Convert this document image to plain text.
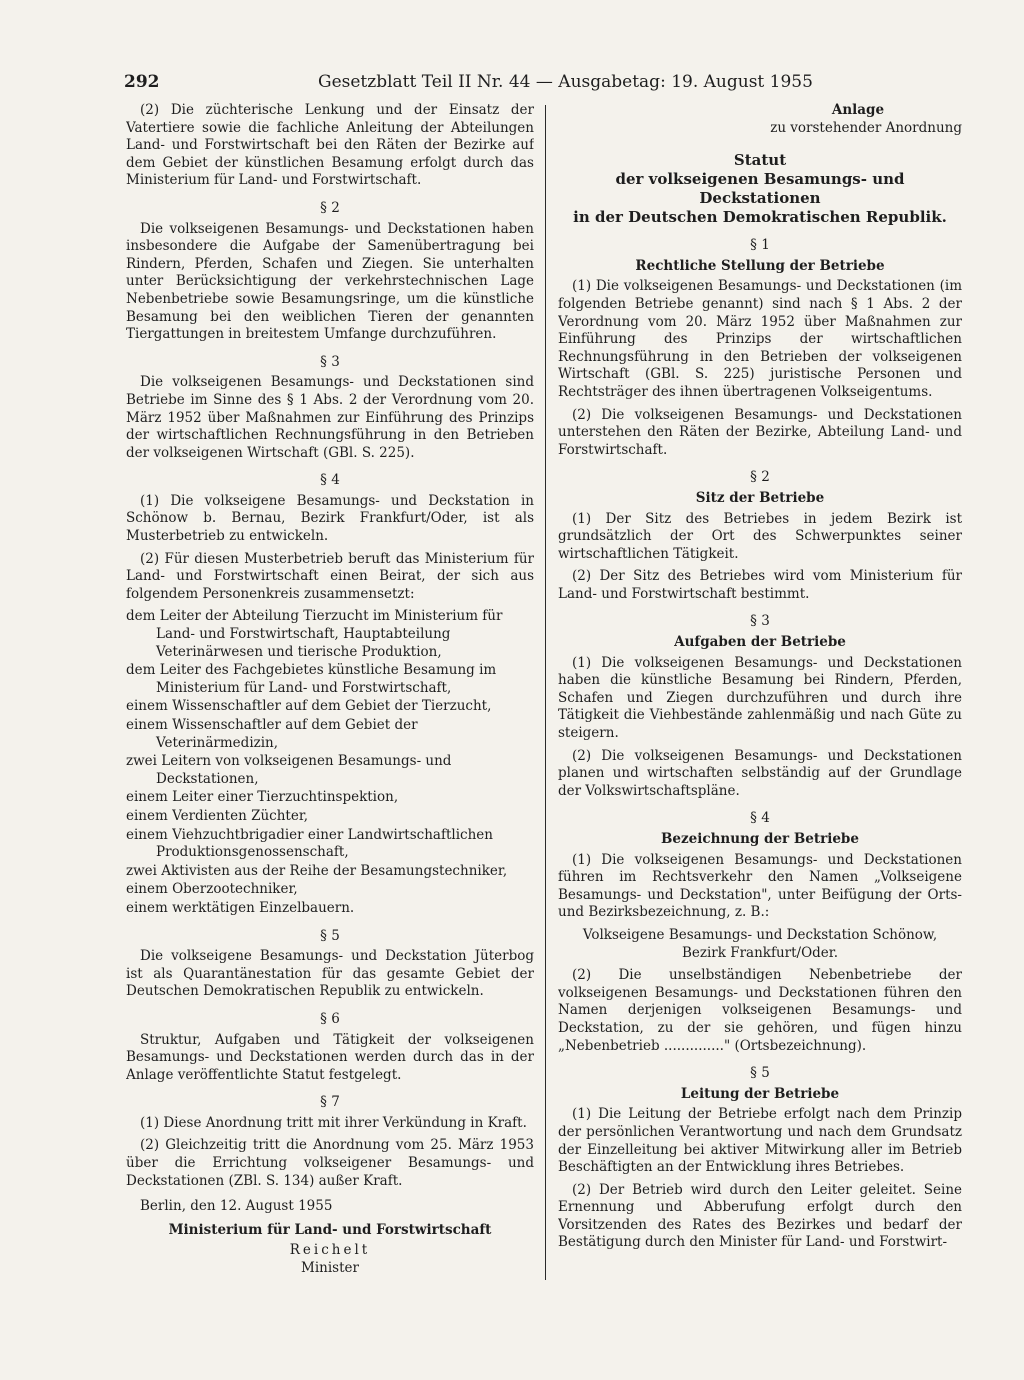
292	Gesetzblatt Teil II Nr. 44 — Ausgabetag: 19. August 1955

(2) Die züchterische Lenkung und der Einsatz der Vatertiere sowie die fachliche Anleitung der Abteilungen Land- und Forstwirtschaft bei den Räten der Bezirke auf dem Gebiet der künstlichen Besamung erfolgt durch das Ministerium für Land- und Forstwirtschaft.

§ 2

Die volkseigenen Besamungs- und Deckstationen haben insbesondere die Aufgabe der Samenübertragung bei Rindern, Pferden, Schafen und Ziegen. Sie unterhalten unter Berücksichtigung der verkehrstechnischen Lage Nebenbetriebe sowie Besamungsringe, um die künstliche Besamung bei den weiblichen Tieren der genannten Tiergattungen in breitestem Umfange durchzuführen.

§ 3

Die volkseigenen Besamungs- und Deckstationen sind Betriebe im Sinne des § 1 Abs. 2 der Verordnung vom 20. März 1952 über Maßnahmen zur Einführung des Prinzips der wirtschaftlichen Rechnungsführung in den Betrieben der volkseigenen Wirtschaft (GBl. S. 225).

§ 4

(1) Die volkseigene Besamungs- und Deckstation in Schönow b. Bernau, Bezirk Frankfurt/Oder, ist als Musterbetrieb zu entwickeln.

(2) Für diesen Musterbetrieb beruft das Ministerium für Land- und Forstwirtschaft einen Beirat, der sich aus folgendem Personenkreis zusammensetzt:

dem Leiter der Abteilung Tierzucht im Ministerium für Land- und Forstwirtschaft, Hauptabteilung Veterinärwesen und tierische Produktion,

dem Leiter des Fachgebietes künstliche Besamung im Ministerium für Land- und Forstwirtschaft,

einem Wissenschaftler auf dem Gebiet der Tierzucht,

einem Wissenschaftler auf dem Gebiet der Veterinärmedizin,

zwei Leitern von volkseigenen Besamungs- und Deckstationen,

einem Leiter einer Tierzuchtinspektion,

einem Verdienten Züchter,

einem Viehzuchtbrigadier einer Landwirtschaftlichen Produktionsgenossenschaft,

zwei Aktivisten aus der Reihe der Besamungstechniker,

einem Oberzootechniker,

einem werktätigen Einzelbauern.

§ 5

Die volkseigene Besamungs- und Deckstation Jüterbog ist als Quarantänestation für das gesamte Gebiet der Deutschen Demokratischen Republik zu entwickeln.

§ 6

Struktur, Aufgaben und Tätigkeit der volkseigenen Besamungs- und Deckstationen werden durch das in der Anlage veröffentlichte Statut festgelegt.

§ 7

(1) Diese Anordnung tritt mit ihrer Verkündung in Kraft.

(2) Gleichzeitig tritt die Anordnung vom 25. März 1953 über die Errichtung volkseigener Besamungs- und Deckstationen (ZBl. S. 134) außer Kraft.

Berlin, den 12. August 1955

Ministerium für Land- und Forstwirtschaft

Reichelt

Minister

Anlage

zu vorstehender Anordnung

Statut

der volkseigenen Besamungs- und Deckstationen

in der Deutschen Demokratischen Republik.

§ 1

Rechtliche Stellung der Betriebe

(1) Die volkseigenen Besamungs- und Deckstationen (im folgenden Betriebe genannt) sind nach § 1 Abs. 2 der Verordnung vom 20. März 1952 über Maßnahmen zur Einführung des Prinzips der wirtschaftlichen Rechnungsführung in den Betrieben der volkseigenen Wirtschaft (GBl. S. 225) juristische Personen und Rechtsträger des ihnen übertragenen Volkseigentums.

(2) Die volkseigenen Besamungs- und Deckstationen unterstehen den Räten der Bezirke, Abteilung Land- und Forstwirtschaft.

§ 2

Sitz der Betriebe

(1) Der Sitz des Betriebes in jedem Bezirk ist grundsätzlich der Ort des Schwerpunktes seiner wirtschaftlichen Tätigkeit.

(2) Der Sitz des Betriebes wird vom Ministerium für Land- und Forstwirtschaft bestimmt.

§ 3

Aufgaben der Betriebe

(1) Die volkseigenen Besamungs- und Deckstationen haben die künstliche Besamung bei Rindern, Pferden, Schafen und Ziegen durchzuführen und durch ihre Tätigkeit die Viehbestände zahlenmäßig und nach Güte zu steigern.

(2) Die volkseigenen Besamungs- und Deckstationen planen und wirtschaften selbständig auf der Grundlage der Volkswirtschaftspläne.

§ 4

Bezeichnung der Betriebe

(1) Die volkseigenen Besamungs- und Deckstationen führen im Rechtsverkehr den Namen „Volkseigene Besamungs- und Deckstation", unter Beifügung der Orts- und Bezirksbezeichnung, z. B.:

Volkseigene Besamungs- und Deckstation Schönow,

Bezirk Frankfurt/Oder.

(2) Die unselbständigen Nebenbetriebe der volkseigenen Besamungs- und Deckstationen führen den Namen derjenigen volkseigenen Besamungs- und Deckstation, zu der sie gehören, und fügen hinzu „Nebenbetrieb .............." (Ortsbezeichnung).

§ 5

Leitung der Betriebe

(1) Die Leitung der Betriebe erfolgt nach dem Prinzip der persönlichen Verantwortung und nach dem Grundsatz der Einzelleitung bei aktiver Mitwirkung aller im Betrieb Beschäftigten an der Entwicklung ihres Betriebes.

(2) Der Betrieb wird durch den Leiter geleitet. Seine Ernennung und Abberufung erfolgt durch den Vorsitzenden des Rates des Bezirkes und bedarf der Bestätigung durch den Minister für Land- und Forstwirt-
